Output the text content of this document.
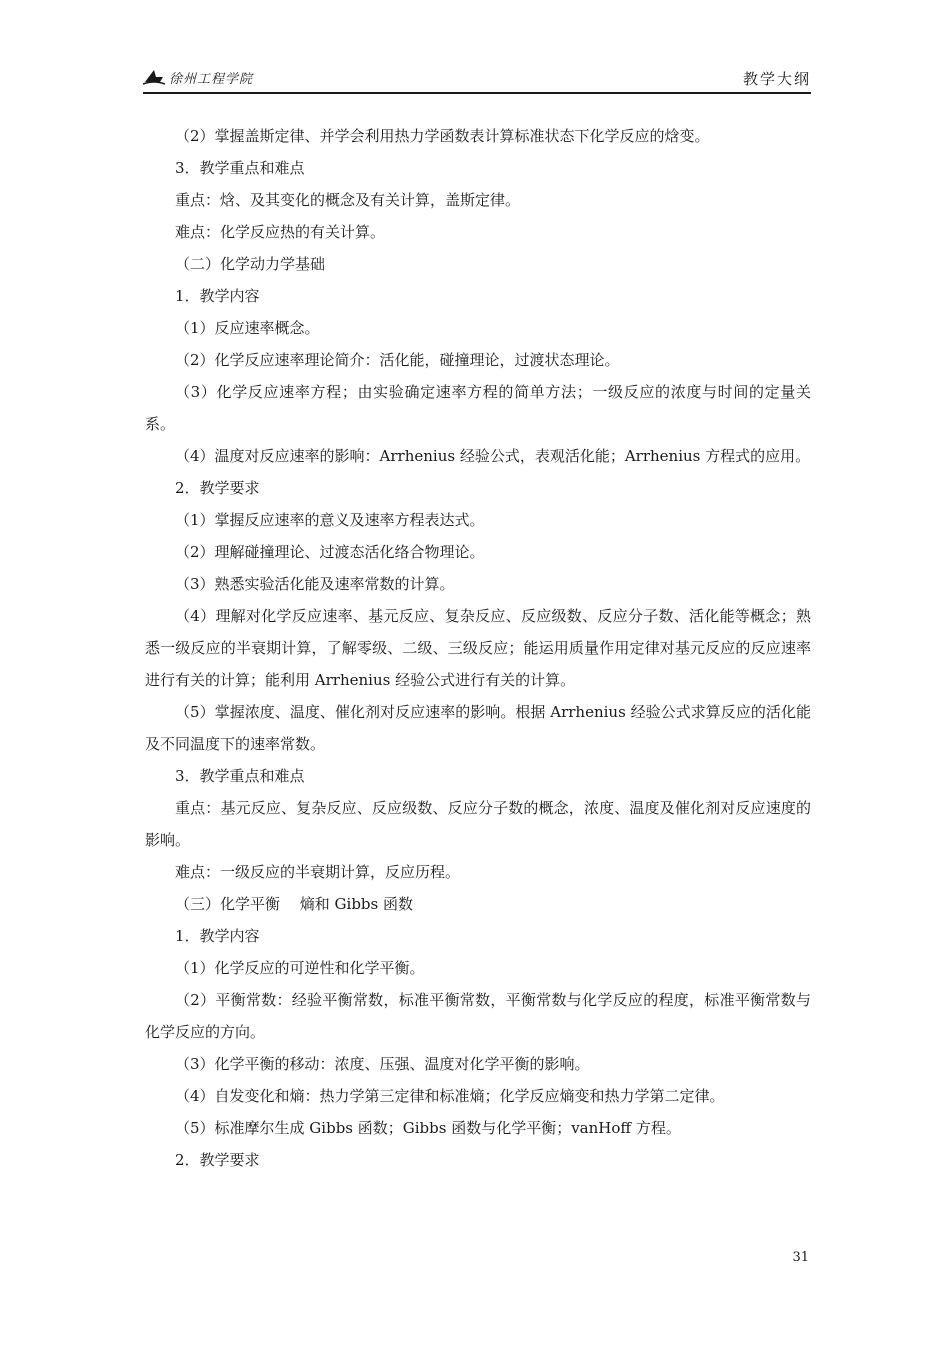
徐州工程学院	教学大纲

（2）掌握盖斯定律、并学会利用热力学函数表计算标准状态下化学反应的焓变。

3．教学重点和难点

重点：焓、及其变化的概念及有关计算，盖斯定律。

难点：化学反应热的有关计算。

（二）化学动力学基础

1．教学内容

（1）反应速率概念。

（2）化学反应速率理论简介：活化能，碰撞理论，过渡状态理论。

（3）化学反应速率方程；由实验确定速率方程的简单方法；一级反应的浓度与时间的定量关系。

（4）温度对反应速率的影响：Arrhenius 经验公式，表观活化能；Arrhenius 方程式的应用。

2．教学要求

（1）掌握反应速率的意义及速率方程表达式。

（2）理解碰撞理论、过渡态活化络合物理论。

（3）熟悉实验活化能及速率常数的计算。

（4）理解对化学反应速率、基元反应、复杂反应、反应级数、反应分子数、活化能等概念；熟悉一级反应的半衰期计算，了解零级、二级、三级反应；能运用质量作用定律对基元反应的反应速率进行有关的计算；能利用 Arrhenius 经验公式进行有关的计算。

（5）掌握浓度、温度、催化剂对反应速率的影响。根据 Arrhenius 经验公式求算反应的活化能及不同温度下的速率常数。

3．教学重点和难点

重点：基元反应、复杂反应、反应级数、反应分子数的概念，浓度、温度及催化剂对反应速度的影响。

难点：一级反应的半衰期计算，反应历程。

（三）化学平衡　 熵和 Gibbs 函数

1．教学内容

（1）化学反应的可逆性和化学平衡。

（2）平衡常数：经验平衡常数，标准平衡常数，平衡常数与化学反应的程度，标准平衡常数与化学反应的方向。

（3）化学平衡的移动：浓度、压强、温度对化学平衡的影响。

（4）自发变化和熵：热力学第三定律和标准熵；化学反应熵变和热力学第二定律。

（5）标准摩尔生成 Gibbs 函数；Gibbs 函数与化学平衡；vanHoff 方程。

2．教学要求

31
